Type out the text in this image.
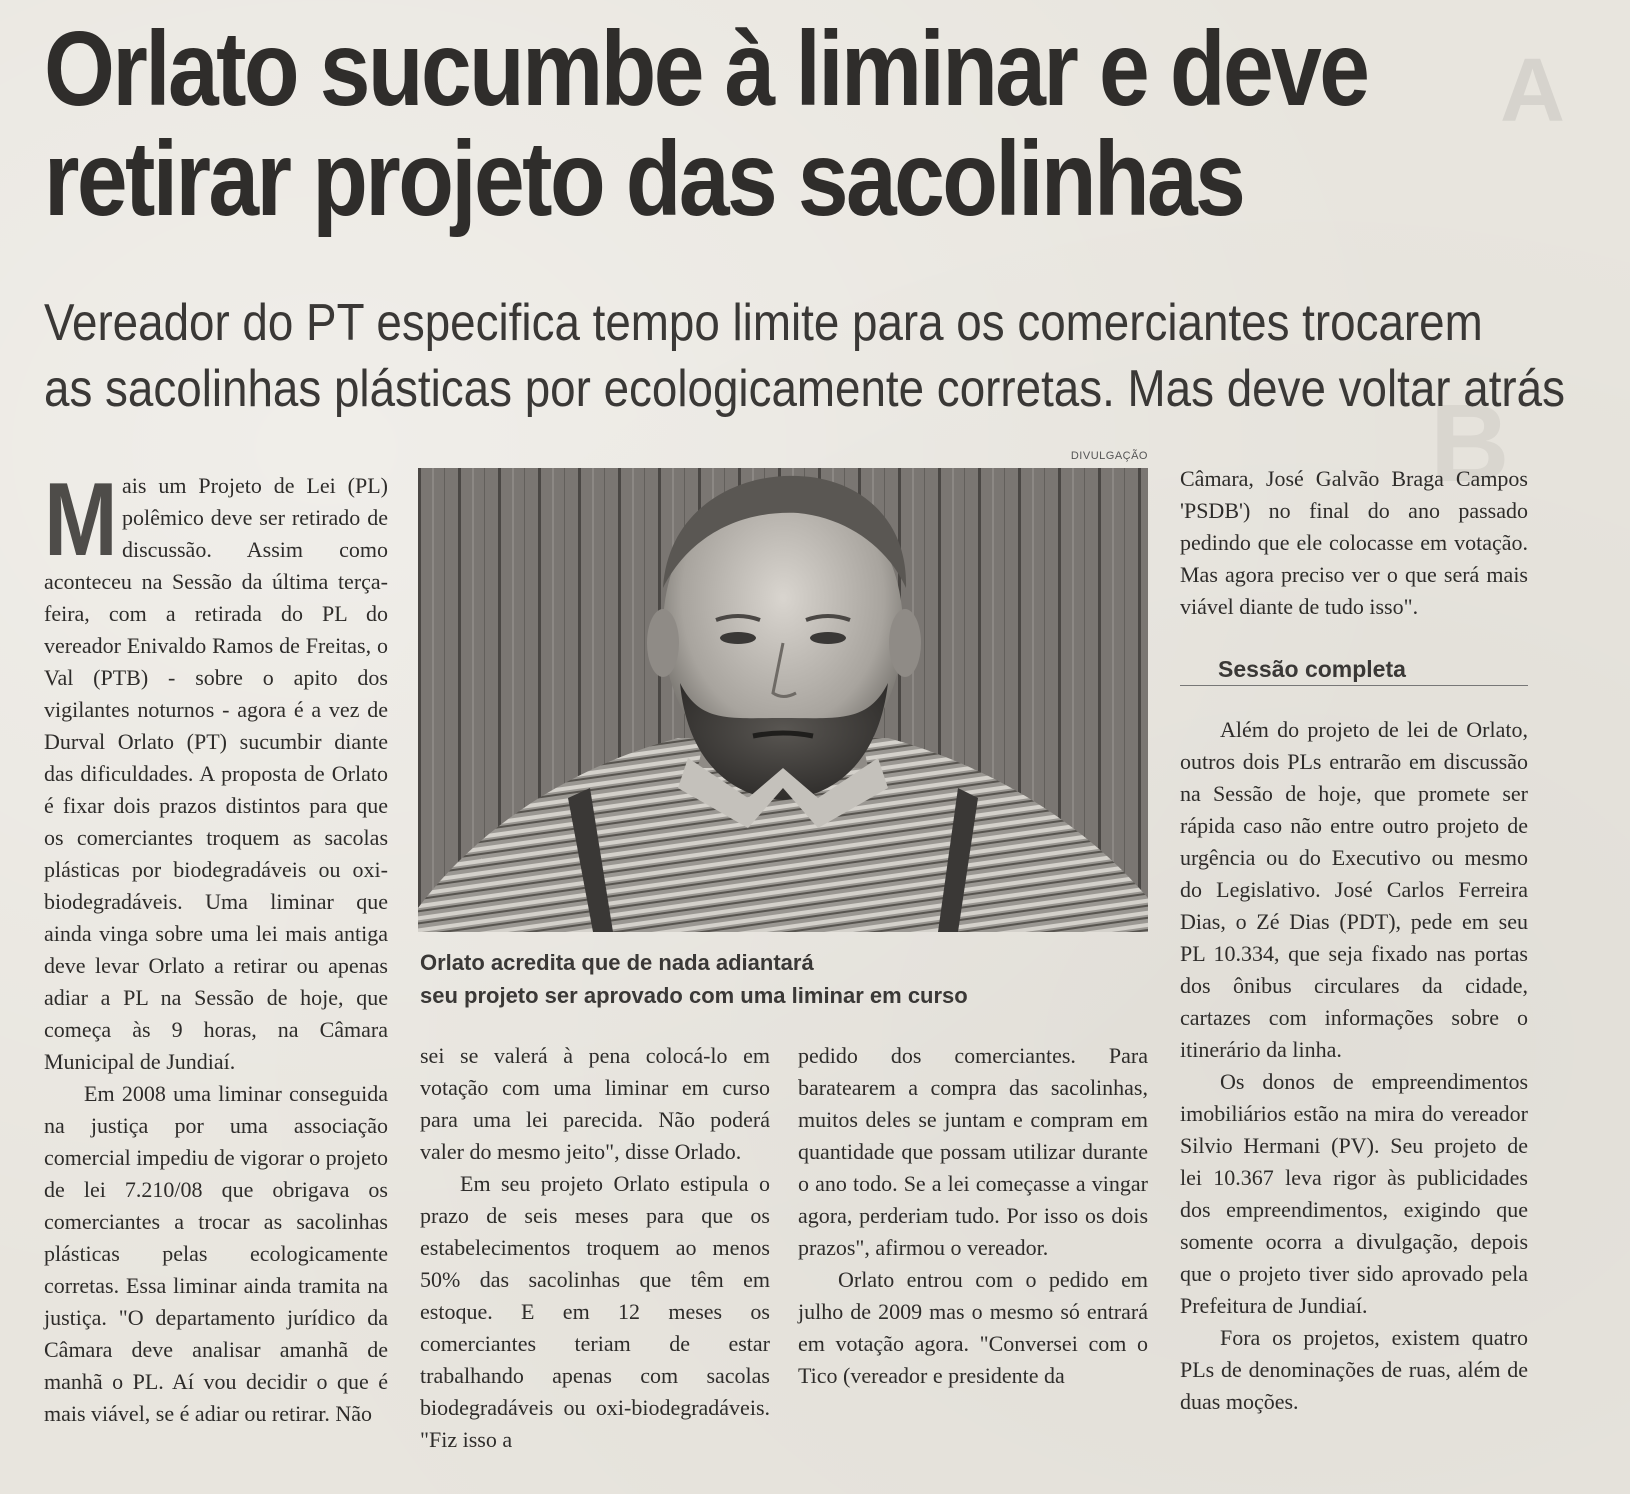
A
B
Orlato sucumbe à liminar e deve
retirar projeto das sacolinhas
Vereador do PT especifica tempo limite para os comerciantes trocarem
as sacolinhas plásticas por ecologicamente corretas. Mas deve voltar atrás

Mais um Projeto de Lei (PL) polêmico deve ser retirado de discussão. Assim como aconteceu na Sessão da última terça-feira, com a retirada do PL do vereador Enivaldo Ramos de Freitas, o Val (PTB) - sobre o apito dos vigilantes noturnos - agora é a vez de Durval Orlato (PT) sucumbir diante das dificuldades. A proposta de Orlato é fixar dois prazos distintos para que os comerciantes troquem as sacolas plásticas por biodegradáveis ou oxi-biodegradáveis. Uma liminar que ainda vinga sobre uma lei mais antiga deve levar Orlato a retirar ou apenas adiar a PL na Sessão de hoje, que começa às 9 horas, na Câmara Municipal de Jundiaí.

Em 2008 uma liminar conseguida na justiça por uma associação comercial impediu de vigorar o projeto de lei 7.210/08 que obrigava os comerciantes a trocar as sacolinhas plásticas pelas ecologicamente corretas. Essa liminar ainda tramita na justiça. "O departamento jurídico da Câmara deve analisar amanhã de manhã o PL. Aí vou decidir o que é mais viável, se é adiar ou retirar. Não

DIVULGAÇÃO
Orlato acredita que de nada adiantará
seu projeto ser aprovado com uma liminar em curso

sei se valerá à pena colocá-lo em votação com uma liminar em curso para uma lei parecida. Não poderá valer do mesmo jeito", disse Orlado.

Em seu projeto Orlato estipula o prazo de seis meses para que os estabelecimentos troquem ao menos 50% das sacolinhas que têm em estoque. E em 12 meses os comerciantes teriam de estar trabalhando apenas com sacolas biodegradáveis ou oxi-biodegradáveis. "Fiz isso a

pedido dos comerciantes. Para baratearem a compra das sacolinhas, muitos deles se juntam e compram em quantidade que possam utilizar durante o ano todo. Se a lei começasse a vingar agora, perderiam tudo. Por isso os dois prazos", afirmou o vereador.

Orlato entrou com o pedido em julho de 2009 mas o mesmo só entrará em votação agora. "Conversei com o Tico (vereador e presidente da

Câmara, José Galvão Braga Campos 'PSDB') no final do ano passado pedindo que ele colocasse em votação. Mas agora preciso ver o que será mais viável diante de tudo isso".

Além do projeto de lei de Orlato, outros dois PLs entrarão em discussão na Sessão de hoje, que promete ser rápida caso não entre outro projeto de urgência ou do Executivo ou mesmo do Legislativo. José Carlos Ferreira Dias, o Zé Dias (PDT), pede em seu PL 10.334, que seja fixado nas portas dos ônibus circulares da cidade, cartazes com informações sobre o itinerário da linha.

Os donos de empreendimentos imobiliários estão na mira do vereador Silvio Hermani (PV). Seu projeto de lei 10.367 leva rigor às publicidades dos empreendimentos, exigindo que somente ocorra a divulgação, depois que o projeto tiver sido aprovado pela Prefeitura de Jundiaí.

Fora os projetos, existem quatro PLs de denominações de ruas, além de duas moções.

Sessão completa
